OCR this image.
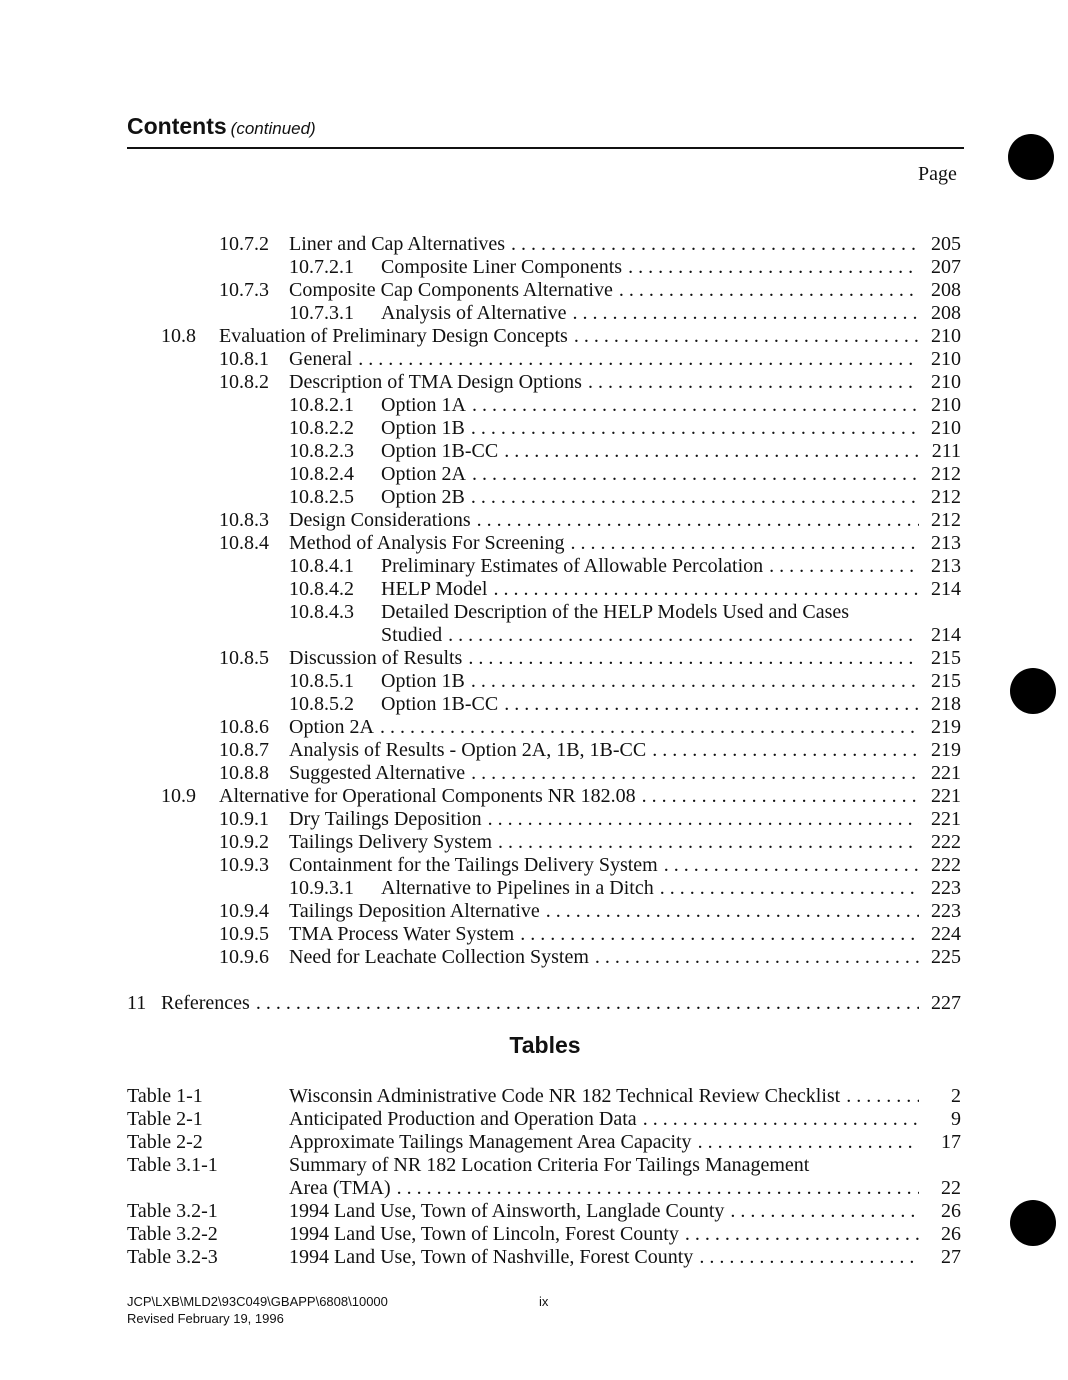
Contents (continued)
Page
10.7.2	Liner and Cap Alternatives . . .	205
10.7.2.1	Composite Liner Components . . .	207
10.7.3	Composite Cap Components Alternative . . .	208
10.7.3.1	Analysis of Alternative . . .	208
10.8	Evaluation of Preliminary Design Concepts . . .	210
10.8.1	General . . .	210
10.8.2	Description of TMA Design Options . . .	210
10.8.2.1	Option 1A . . .	210
10.8.2.2	Option 1B . . .	210
10.8.2.3	Option 1B-CC . . .	211
10.8.2.4	Option 2A . . .	212
10.8.2.5	Option 2B . . .	212
10.8.3	Design Considerations . . .	212
10.8.4	Method of Analysis For Screening . . .	213
10.8.4.1	Preliminary Estimates of Allowable Percolation . . .	213
10.8.4.2	HELP Model . . .	214
10.8.4.3 Detailed Description of the HELP Models Used and Cases
Studied . . .	214
10.8.5	Discussion of Results . . .	215
10.8.5.1	Option 1B . . .	215
10.8.5.2	Option 1B-CC . . .	218
10.8.6	Option 2A . . .	219
10.8.7	Analysis of Results - Option 2A, 1B, 1B-CC . . .	219
10.8.8	Suggested Alternative . . .	221
10.9	Alternative for Operational Components NR 182.08 . . .	221
10.9.1	Dry Tailings Deposition . . .	221
10.9.2	Tailings Delivery System . . .	222
10.9.3	Containment for the Tailings Delivery System . . .	222
10.9.3.1	Alternative to Pipelines in a Ditch . . .	223
10.9.4	Tailings Deposition Alternative . . .	223
10.9.5	TMA Process Water System . . .	224
10.9.6	Need for Leachate Collection System . . .	225
11 References . . .	227
Tables
Table 1-1	Wisconsin Administrative Code NR 182 Technical Review Checklist . . .	2
Table 2-1	Anticipated Production and Operation Data . . .	9
Table 2-2	Approximate Tailings Management Area Capacity . . .	17
Table 3.1-1	Summary of NR 182 Location Criteria For Tailings Management
Area (TMA) . . .	22
Table 3.2-1	1994 Land Use, Town of Ainsworth, Langlade County . . .	26
Table 3.2-2	1994 Land Use, Town of Lincoln, Forest County . . .	26
Table 3.2-3	1994 Land Use, Town of Nashville, Forest County . . .	27
JCP\LXB\MLD2\93C049\GBAPP\6808\10000
Revised February 19, 1996
ix
